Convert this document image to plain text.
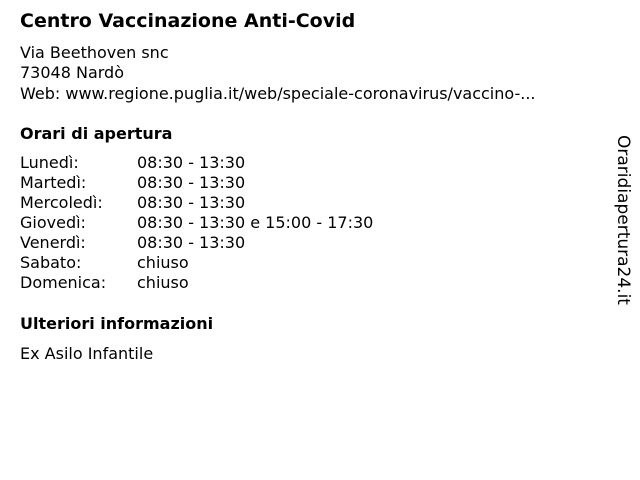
Centro Vaccinazione Anti-Covid
Via Beethoven snc
73048 Nardò
Web: www.regione.puglia.it/web/speciale-coronavirus/vaccino-...
Orari di apertura
Lunedì:	08:30 - 13:30
Martedì:	08:30 - 13:30
Mercoledì:	08:30 - 13:30
Giovedì:	08:30 - 13:30 e 15:00 - 17:30
Venerdì:	08:30 - 13:30
Sabato:	chiuso
Domenica:	chiuso
Ulteriori informazioni
Ex Asilo Infantile
Oraridiapertura24.it
